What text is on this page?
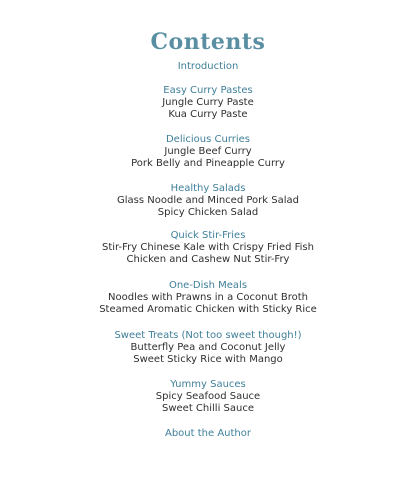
Contents
Introduction
Easy Curry Pastes
Jungle Curry Paste
Kua Curry Paste
Delicious Curries
Jungle Beef Curry
Pork Belly and Pineapple Curry
Healthy Salads
Glass Noodle and Minced Pork Salad
Spicy Chicken Salad
Quick Stir-Fries
Stir-Fry Chinese Kale with Crispy Fried Fish
Chicken and Cashew Nut Stir-Fry
One-Dish Meals
Noodles with Prawns in a Coconut Broth
Steamed Aromatic Chicken with Sticky Rice
Sweet Treats (Not too sweet though!)
Butterfly Pea and Coconut Jelly
Sweet Sticky Rice with Mango
Yummy Sauces
Spicy Seafood Sauce
Sweet Chilli Sauce
About the Author
